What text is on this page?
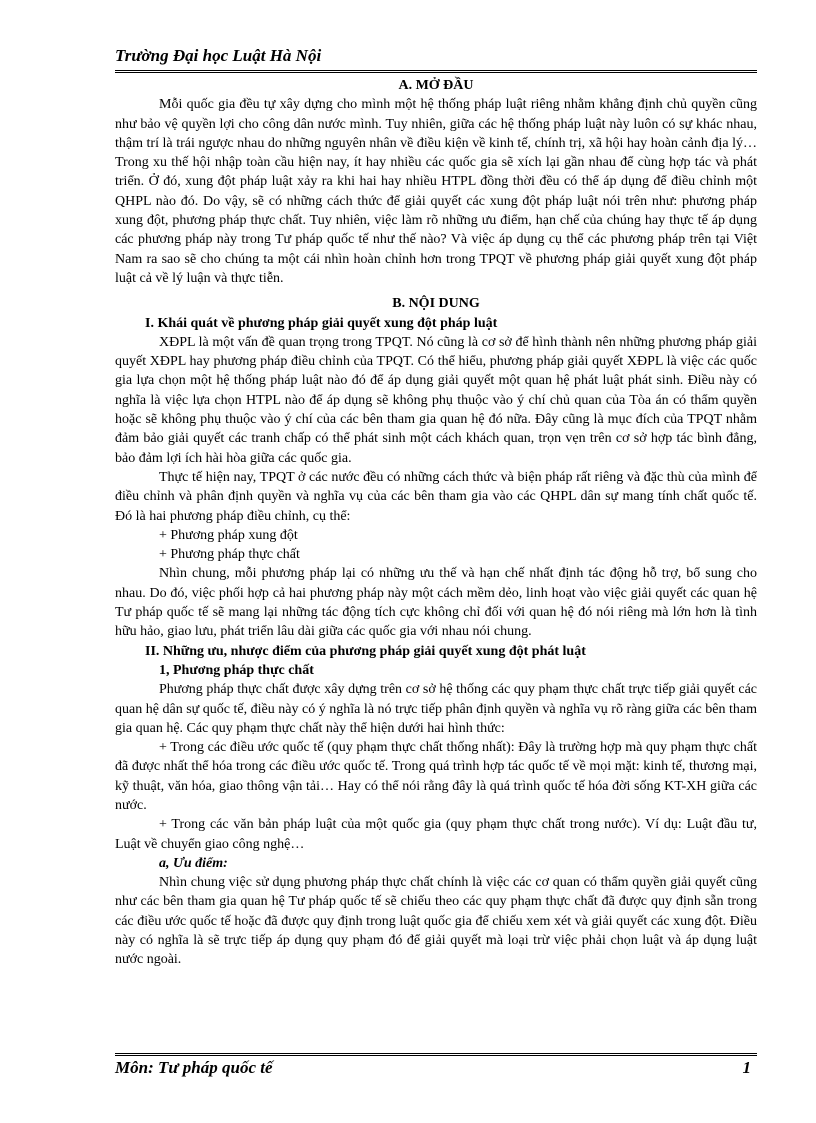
Trường Đại học Luật Hà Nội
A. MỞ ĐẦU

Mỗi quốc gia đều tự xây dựng cho mình một hệ thống pháp luật riêng nhằm khẳng định chủ quyền cũng như bảo vệ quyền lợi cho công dân nước mình. Tuy nhiên, giữa các hệ thống pháp luật này luôn có sự khác nhau, thậm trí là trái ngược nhau do những nguyên nhân về điều kiện về kinh tế, chính trị, xã hội hay hoàn cảnh địa lý… Trong xu thế hội nhập toàn cầu hiện nay, ít hay nhiều các quốc gia sẽ xích lại gần nhau để cùng hợp tác và phát triển. Ở đó, xung đột pháp luật xảy ra khi hai hay nhiều HTPL đồng thời đều có thể áp dụng để điều chỉnh một QHPL nào đó. Do vậy, sẽ có những cách thức để giải quyết các xung đột pháp luật nói trên như: phương pháp xung đột, phương pháp thực chất. Tuy nhiên, việc làm rõ những ưu điểm, hạn chế của chúng hay thực tế áp dụng các phương pháp này trong Tư pháp quốc tế như thế nào? Và việc áp dụng cụ thể các phương pháp trên tại Việt Nam ra sao sẽ cho chúng ta một cái nhìn hoàn chỉnh hơn trong TPQT về phương pháp giải quyết xung đột pháp luật cả về lý luận và thực tiễn.

B. NỘI DUNG

I. Khái quát về phương pháp giải quyết xung đột pháp luật

XĐPL là một vấn đề quan trọng trong TPQT. Nó cũng là cơ sở để hình thành nên những phương pháp giải quyết XĐPL hay phương pháp điều chỉnh của TPQT. Có thể hiểu, phương pháp giải quyết XĐPL là việc các quốc gia lựa chọn một hệ thống pháp luật nào đó để áp dụng giải quyết một quan hệ phát luật phát sinh. Điều này có nghĩa là việc lựa chọn HTPL nào để áp dụng sẽ không phụ thuộc vào ý chí chủ quan của Tòa án có thẩm quyền hoặc sẽ không phụ thuộc vào ý chí của các bên tham gia quan hệ đó nữa. Đây cũng là mục đích của TPQT nhằm đảm bảo giải quyết các tranh chấp có thể phát sinh một cách khách quan, trọn vẹn trên cơ sở hợp tác bình đẳng, bảo đảm lợi ích hài hòa giữa các quốc gia.

Thực tế hiện nay, TPQT ở các nước đều có những cách thức và biện pháp rất riêng và đặc thù của mình để điều chỉnh và phân định quyền và nghĩa vụ của các bên tham gia vào các QHPL dân sự mang tính chất quốc tế. Đó là hai phương pháp điều chỉnh, cụ thể:

+ Phương pháp xung đột

+ Phương pháp thực chất

Nhìn chung, mỗi phương pháp lại có những ưu thế và hạn chế nhất định tác động hỗ trợ, bổ sung cho nhau. Do đó, việc phối hợp cả hai phương pháp này một cách mềm dẻo, linh hoạt vào việc giải quyết các quan hệ Tư pháp quốc tế sẽ mang lại những tác động tích cực không chỉ đối với quan hệ đó nói riêng mà lớn hơn là tình hữu hảo, giao lưu, phát triển lâu dài giữa các quốc gia với nhau nói chung.

II. Những ưu, nhược điểm của phương pháp giải quyết xung đột phát luật

1, Phương pháp thực chất

Phương pháp thực chất được xây dựng trên cơ sở hệ thống các quy phạm thực chất trực tiếp giải quyết các quan hệ dân sự quốc tế, điều này có ý nghĩa là nó trực tiếp phân định quyền và nghĩa vụ rõ ràng giữa các bên tham gia quan hệ. Các quy phạm thực chất này thể hiện dưới hai hình thức:

+ Trong các điều ước quốc tế (quy phạm thực chất thống nhất): Đây là trường hợp mà quy phạm thực chất đã được nhất thể hóa trong các điều ước quốc tế. Trong quá trình hợp tác quốc tế về mọi mặt: kinh tế, thương mại, kỹ thuật, văn hóa, giao thông vận tải… Hay có thể nói rằng đây là quá trình quốc tế hóa đời sống KT-XH giữa các nước.

+ Trong các văn bản pháp luật của một quốc gia (quy phạm thực chất trong nước). Ví dụ: Luật đầu tư, Luật về chuyển giao công nghệ…

a, Ưu điểm:

Nhìn chung việc sử dụng phương pháp thực chất chính là việc các cơ quan có thẩm quyền giải quyết cũng như các bên tham gia quan hệ Tư pháp quốc tế sẽ chiếu theo các quy phạm thực chất đã được quy định sẵn trong các điều ước quốc tế hoặc đã được quy định trong luật quốc gia để chiếu xem xét và giải quyết các xung đột. Điều này có nghĩa là sẽ trực tiếp áp dụng quy phạm đó để giải quyết mà loại trừ việc phải chọn luật và áp dụng luật nước ngoài.

Môn: Tư pháp quốc tế	1
